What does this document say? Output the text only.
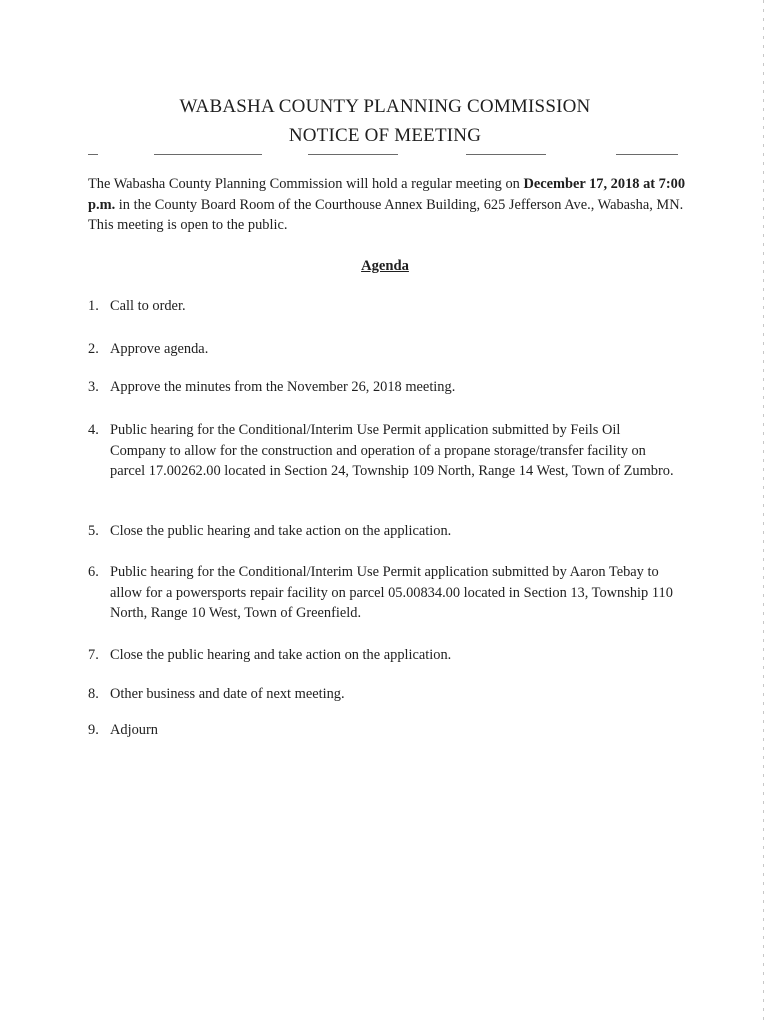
WABASHA COUNTY PLANNING COMMISSION
NOTICE OF MEETING
The Wabasha County Planning Commission will hold a regular meeting on December 17, 2018 at 7:00 p.m. in the County Board Room of the Courthouse Annex Building, 625 Jefferson Ave., Wabasha, MN. This meeting is open to the public.
Agenda
1. Call to order.
2. Approve agenda.
3. Approve the minutes from the November 26, 2018 meeting.
4. Public hearing for the Conditional/Interim Use Permit application submitted by Feils Oil Company to allow for the construction and operation of a propane storage/transfer facility on parcel 17.00262.00 located in Section 24, Township 109 North, Range 14 West, Town of Zumbro.
5. Close the public hearing and take action on the application.
6. Public hearing for the Conditional/Interim Use Permit application submitted by Aaron Tebay to allow for a powersports repair facility on parcel 05.00834.00 located in Section 13, Township 110 North, Range 10 West, Town of Greenfield.
7. Close the public hearing and take action on the application.
8. Other business and date of next meeting.
9. Adjourn
